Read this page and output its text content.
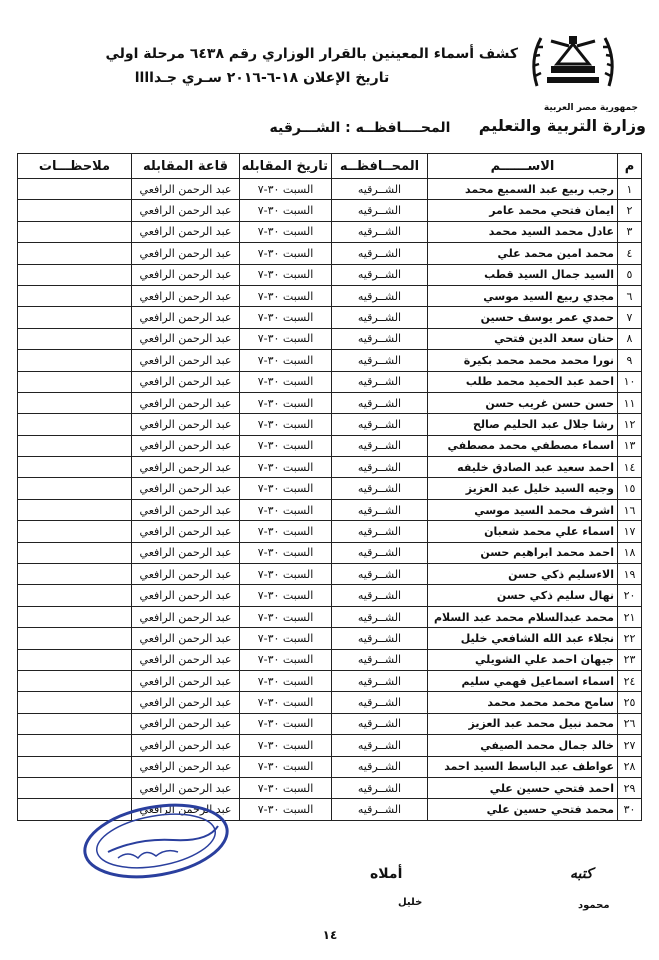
جمهورية مصر العربية
وزارة التربية والتعليم
كشف أسماء المعينين بالقرار الوزاري رقم ٦٤٣٨ مرحلة اولي
تاريخ الإعلان ١٨-٦-٢٠١٦ سـري جـداااا
المحــــافظــه : الشـــرقيه
م	الاســــــم	المحــافظــه	تاريخ المقابله	قاعة المقابله	ملاحظـــات
١	رجب ربيع عبد السميع محمد	الشــرقيه	السبت ٣٠-٧	عبد الرحمن الرافعي	
٢	ايمان فتحي محمد عامر	الشــرقيه	السبت ٣٠-٧	عبد الرحمن الرافعي	
٣	عادل محمد السيد محمد	الشــرقيه	السبت ٣٠-٧	عبد الرحمن الرافعي	
٤	محمد امين محمد علي	الشــرقيه	السبت ٣٠-٧	عبد الرحمن الرافعي	
٥	السيد جمال السيد قطب	الشــرقيه	السبت ٣٠-٧	عبد الرحمن الرافعي	
٦	مجدي ربيع السيد موسي	الشــرقيه	السبت ٣٠-٧	عبد الرحمن الرافعي	
٧	حمدي عمر يوسف حسين	الشــرقيه	السبت ٣٠-٧	عبد الرحمن الرافعي	
٨	حنان سعد الدين فتحي	الشــرقيه	السبت ٣٠-٧	عبد الرحمن الرافعي	
٩	نورا محمد محمد محمد بكيرة	الشــرقيه	السبت ٣٠-٧	عبد الرحمن الرافعي	
١٠	احمد عبد الحميد محمد طلب	الشــرقيه	السبت ٣٠-٧	عبد الرحمن الرافعي	
١١	حسن حسن غريب حسن	الشــرقيه	السبت ٣٠-٧	عبد الرحمن الرافعي	
١٢	رشا جلال عبد الحليم صالح	الشــرقيه	السبت ٣٠-٧	عبد الرحمن الرافعي	
١٣	اسماء مصطفي محمد مصطفي	الشــرقيه	السبت ٣٠-٧	عبد الرحمن الرافعي	
١٤	احمد سعيد عبد الصادق خليفه	الشــرقيه	السبت ٣٠-٧	عبد الرحمن الرافعي	
١٥	وجيه السيد خليل عبد العزيز	الشــرقيه	السبت ٣٠-٧	عبد الرحمن الرافعي	
١٦	اشرف محمد السيد موسي	الشــرقيه	السبت ٣٠-٧	عبد الرحمن الرافعي	
١٧	اسماء علي محمد شعبان	الشــرقيه	السبت ٣٠-٧	عبد الرحمن الرافعي	
١٨	احمد محمد ابراهيم حسن	الشــرقيه	السبت ٣٠-٧	عبد الرحمن الرافعي	
١٩	الاءسليم ذكي حسن	الشــرقيه	السبت ٣٠-٧	عبد الرحمن الرافعي	
٢٠	نهال سليم ذكي حسن	الشــرقيه	السبت ٣٠-٧	عبد الرحمن الرافعي	
٢١	محمد عبدالسلام محمد عبد السلام	الشــرقيه	السبت ٣٠-٧	عبد الرحمن الرافعي	
٢٢	نجلاء عبد الله الشافعي خليل	الشــرقيه	السبت ٣٠-٧	عبد الرحمن الرافعي	
٢٣	جيهان احمد علي الشويلي	الشــرقيه	السبت ٣٠-٧	عبد الرحمن الرافعي	
٢٤	اسماء اسماعيل فهمي سليم	الشــرقيه	السبت ٣٠-٧	عبد الرحمن الرافعي	
٢٥	سامح محمد محمد محمد	الشــرقيه	السبت ٣٠-٧	عبد الرحمن الرافعي	
٢٦	محمد نبيل محمد عبد العزيز	الشــرقيه	السبت ٣٠-٧	عبد الرحمن الرافعي	
٢٧	خالد جمال محمد الصيفي	الشــرقيه	السبت ٣٠-٧	عبد الرحمن الرافعي	
٢٨	عواطف عبد الباسط السيد احمد	الشــرقيه	السبت ٣٠-٧	عبد الرحمن الرافعي	
٢٩	احمد فتحي حسين علي	الشــرقيه	السبت ٣٠-٧	عبد الرحمن الرافعي	
٣٠	محمد فتحي حسين علي	الشــرقيه	السبت ٣٠-٧	عبد الرحمن الرافعي	
كتبه
محمود
أملاه
خليل
١٤
